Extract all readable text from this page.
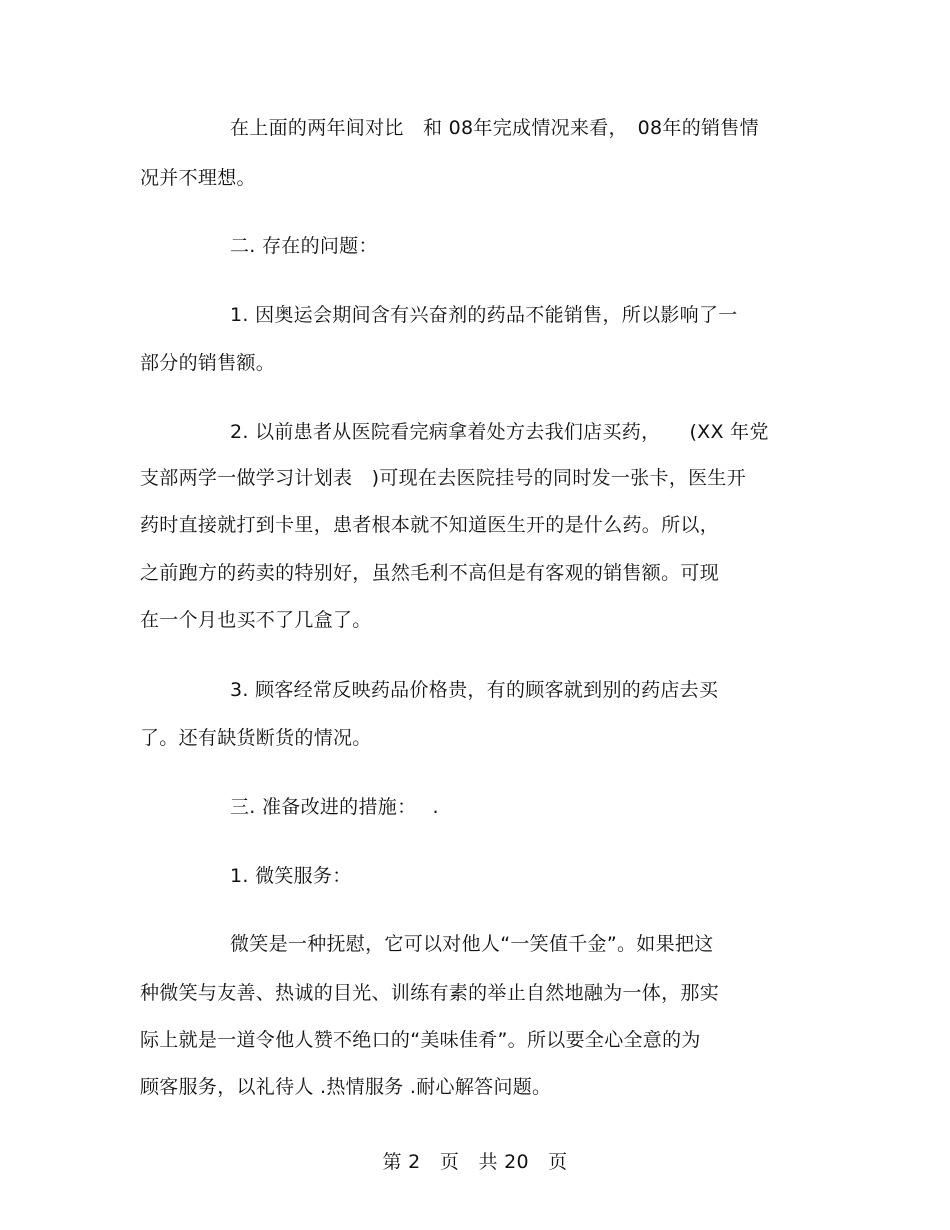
在上面的两年间对比　和 08年完成情况来看，　08年的销售情
况并不理想。
二. 存在的问题：
1. 因奥运会期间含有兴奋剂的药品不能销售，所以影响了一
部分的销售额。
2. 以前患者从医院看完病拿着处方去我们店买药，　　(XX 年党
支部两学一做学习计划表　)可现在去医院挂号的同时发一张卡，医生开
药时直接就打到卡里，患者根本就不知道医生开的是什么药。所以，
之前跑方的药卖的特别好，虽然毛利不高但是有客观的销售额。可现
在一个月也买不了几盒了。
3. 顾客经常反映药品价格贵，有的顾客就到别的药店去买
了。还有缺货断货的情况。
三. 准备改进的措施：　 .
1. 微笑服务：
微笑是一种抚慰，它可以对他人“一笑值千金”。如果把这
种微笑与友善、热诚的目光、训练有素的举止自然地融为一体，那实
际上就是一道令他人赞不绝口的“美味佳肴”。所以要全心全意的为
顾客服务，以礼待人 .热情服务 .耐心解答问题。
第 2　页　共 20　页
